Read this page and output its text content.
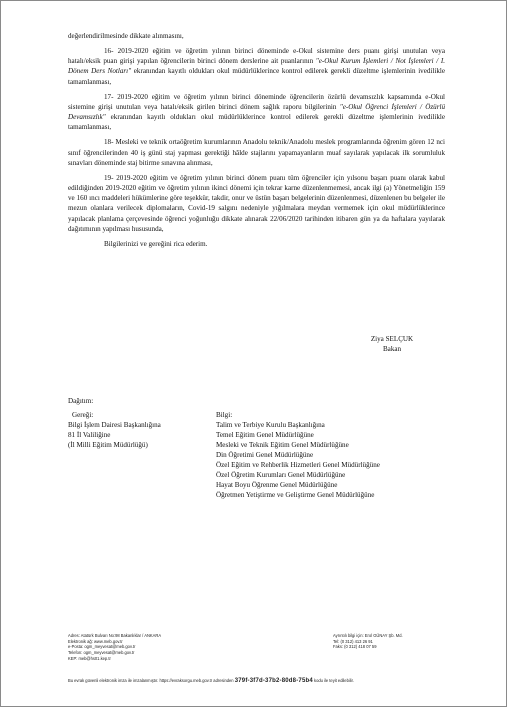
değerlendirilmesinde dikkate alınmasını,

16- 2019-2020 eğitim ve öğretim yılının birinci döneminde e-Okul sistemine ders puanı girişi unutulan veya hatalı/eksik puan girişi yapılan öğrencilerin birinci dönem derslerine ait puanlarının "e-Okul Kurum İşlemleri / Not İşlemleri / I. Dönem Ders Notları" ekranından kayıtlı oldukları okul müdürlüklerince kontrol edilerek gerekli düzeltme işlemlerinin ivedilikle tamamlanması,

17- 2019-2020 eğitim ve öğretim yılının birinci döneminde öğrencilerin özürlü devamsızlık kapsamında e-Okul sistemine girişi unutulan veya hatalı/eksik girilen birinci dönem sağlık raporu bilgilerinin "e-Okul Öğrenci İşlemleri / Özürlü Devamsızlık" ekranından kayıtlı oldukları okul müdürlüklerince kontrol edilerek gerekli düzeltme işlemlerinin ivedilikle tamamlanması,

18- Mesleki ve teknik ortaöğretim kurumlarının Anadolu teknik/Anadolu meslek programlarında öğrenim gören 12 nci sınıf öğrencilerinden 40 iş günü staj yapması gerektiği hâlde stajlarını yapamayanların muaf sayılarak yapılacak ilk sorumluluk sınavları döneminde staj bitirme sınavına alınması,

19- 2019-2020 eğitim ve öğretim yılının birinci dönem puanı tüm öğrenciler için yılsonu başarı puanı olarak kabul edildiğinden 2019-2020 eğitim ve öğretim yılının ikinci dönemi için tekrar karne düzenlenmemesi, ancak ilgi (a) Yönetmeliğin 159 ve 160 ıncı maddeleri hükümlerine göre teşekkür, takdir, onur ve üstün başarı belgelerinin düzenlenmesi, düzenlenen bu belgeler ile mezun olanlara verilecek diplomaların, Covid-19 salgını nedeniyle yığılmalara meydan vermemek için okul müdürlüklerince yapılacak planlama çerçevesinde öğrenci yoğunluğu dikkate alınarak 22/06/2020 tarihinden itibaren gün ya da haftalara yayılarak dağıtımının yapılması hususunda,

Bilgilerinizi ve gereğini rica ederim.

Ziya SELÇUK
Bakan
Dağıtım:
Gereği:
Bilgi İşlem Dairesi Başkanlığına
81 İl Valiliğine
(İl Milli Eğitim Müdürlüğü)
Bilgi:
Talim ve Terbiye Kurulu Başkanlığına
Temel Eğitim Genel Müdürlüğüne
Mesleki ve Teknik Eğitim Genel Müdürlüğüne
Din Öğretimi Genel Müdürlüğüne
Özel Eğitim ve Rehberlik Hizmetleri Genel Müdürlüğüne
Özel Öğretim Kurumları Genel Müdürlüğüne
Hayat Boyu Öğrenme Genel Müdürlüğüne
Öğretmen Yetiştirme ve Geliştirme Genel Müdürlüğüne
Adres: Atatürk Bulvarı No:98 Bakanlıklar / ANKARA
Elektronik ağ: www.meb.gov.tr
e-Posta: ogm_meyvesat@meb.gov.tr
Telefon: ogm_meyvesat@meb.gov.tr
KEP: meb@hs01.kep.tr
Ayrıntılı bilgi için: Erol GÜNAY Şb. Md.
Tel: (0 312) 413 26 91
Faks: (0 312) 418 07 59
Bu evrak güvenli elektronik imza ile imzalanmıştır. https://evraksorgu.meb.gov.tr adresinden 379f-3f7d-37b2-80d8-75b4 kodu ile teyit edilebilir.
